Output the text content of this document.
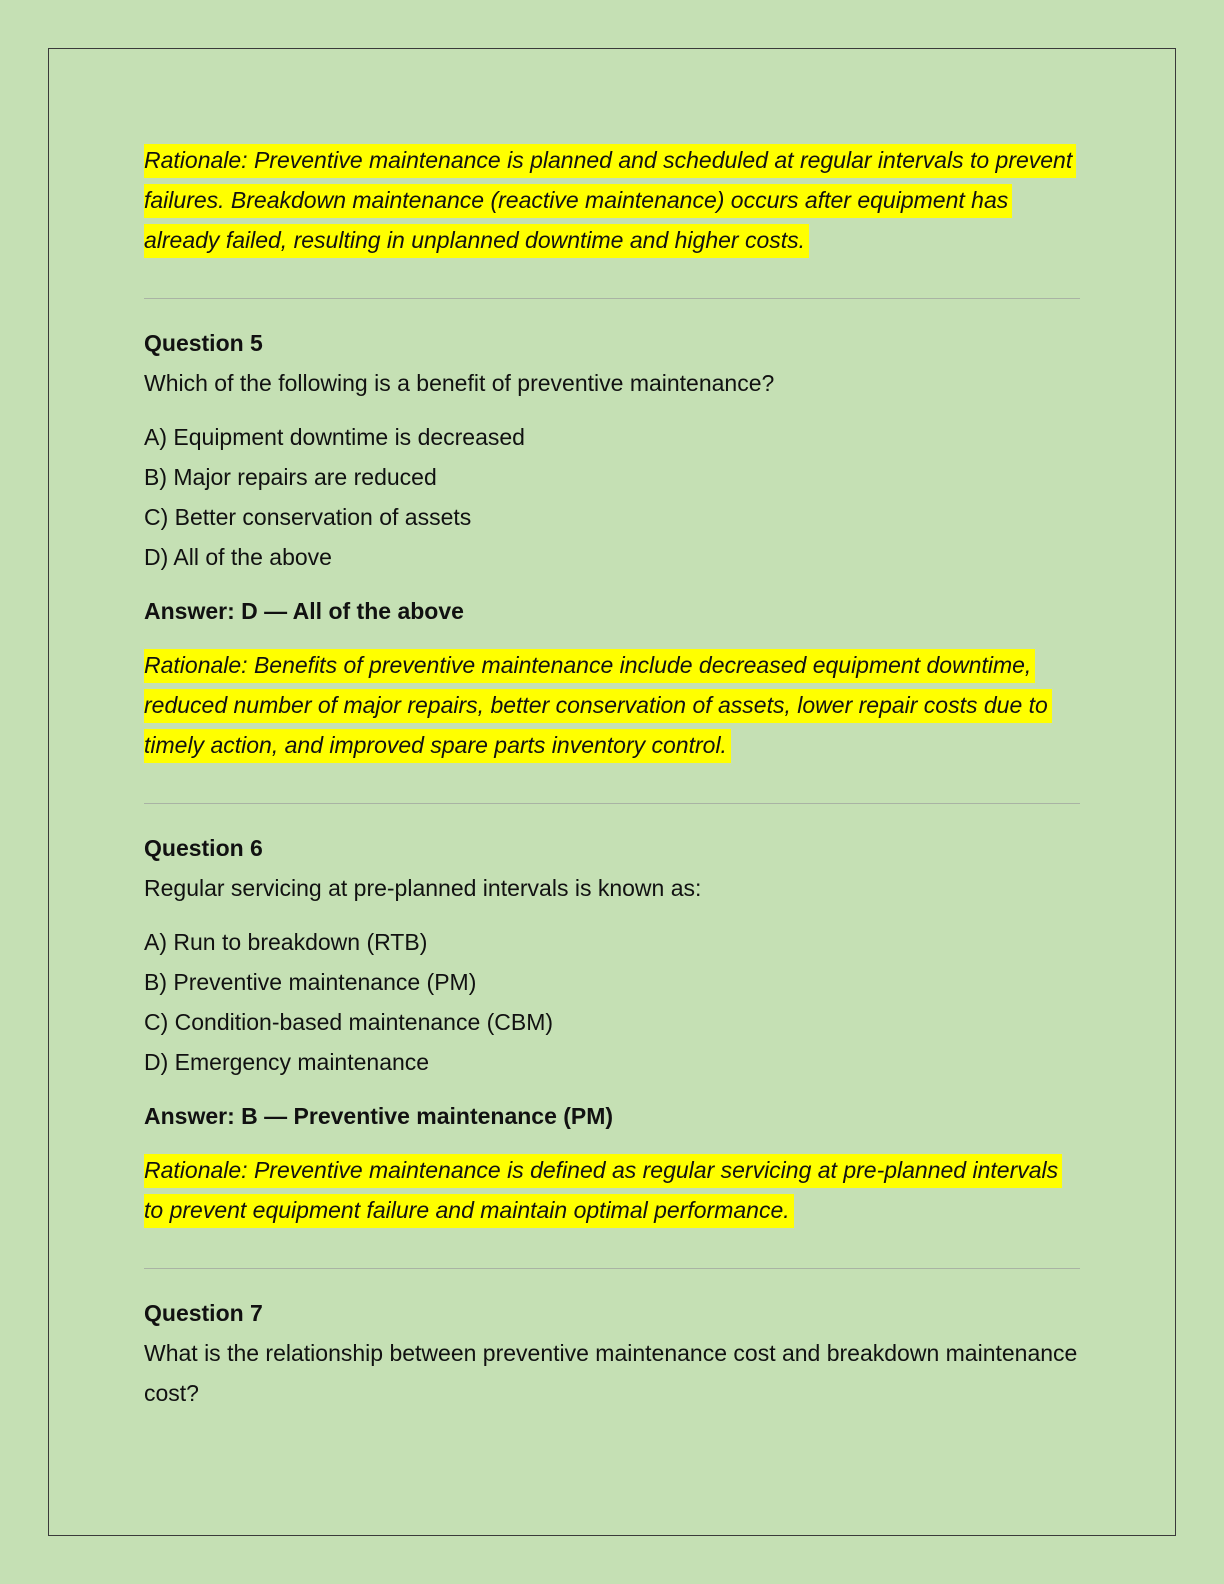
Rationale: Preventive maintenance is planned and scheduled at regular intervals to prevent failures. Breakdown maintenance (reactive maintenance) occurs after equipment has already failed, resulting in unplanned downtime and higher costs.

Question 5

Which of the following is a benefit of preventive maintenance?

A) Equipment downtime is decreased
B) Major repairs are reduced
C) Better conservation of assets
D) All of the above

Answer: D — All of the above

Rationale: Benefits of preventive maintenance include decreased equipment downtime, reduced number of major repairs, better conservation of assets, lower repair costs due to timely action, and improved spare parts inventory control.

Question 6

Regular servicing at pre-planned intervals is known as:

A) Run to breakdown (RTB)
B) Preventive maintenance (PM)
C) Condition-based maintenance (CBM)
D) Emergency maintenance

Answer: B — Preventive maintenance (PM)

Rationale: Preventive maintenance is defined as regular servicing at pre-planned intervals to prevent equipment failure and maintain optimal performance.

Question 7

What is the relationship between preventive maintenance cost and breakdown maintenance cost?
